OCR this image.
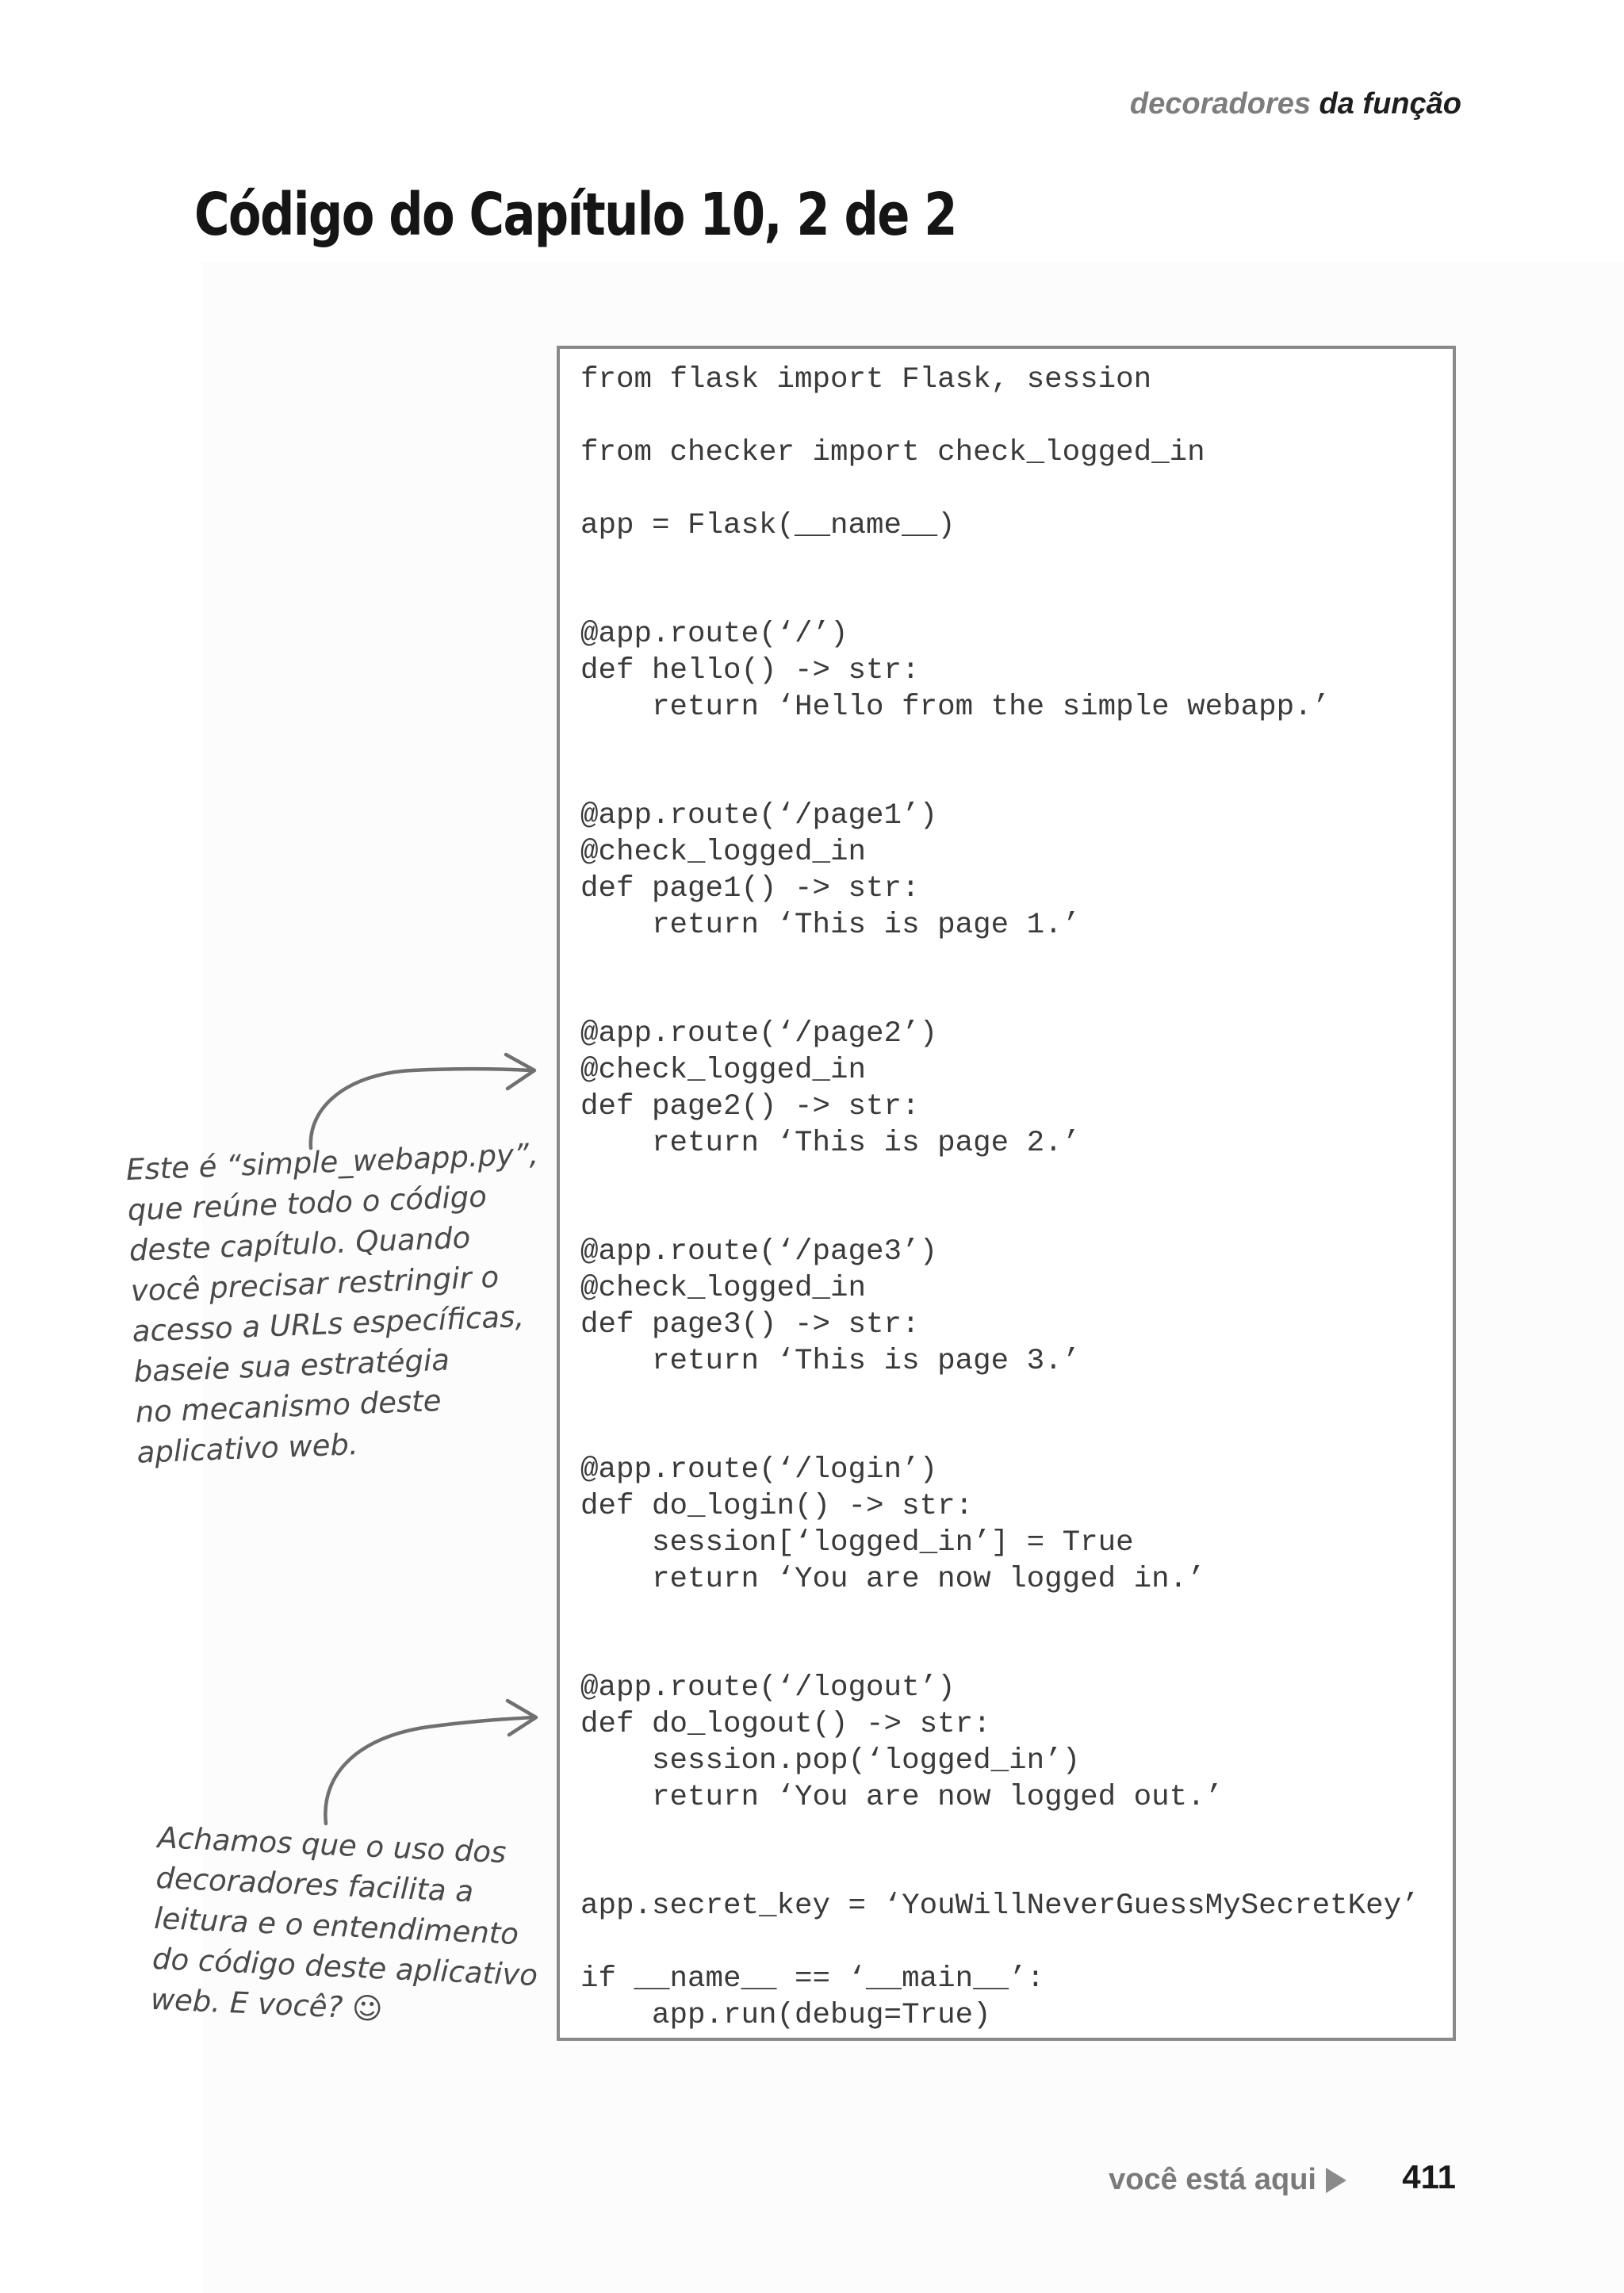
decoradores da função
Código do Capítulo 10, 2 de 2
from flask import Flask, session
from checker import check_logged_in
app = Flask(__name__)
@app.route(‘/’)
def hello() -> str:
return ‘Hello from the simple webapp.’
@app.route(‘/page1’)
@check_logged_in
def page1() -> str:
return ‘This is page 1.’
@app.route(‘/page2’)
@check_logged_in
def page2() -> str:
return ‘This is page 2.’
@app.route(‘/page3’)
@check_logged_in
def page3() -> str:
return ‘This is page 3.’
@app.route(‘/login’)
def do_login() -> str:
session[‘logged_in’] = True
return ‘You are now logged in.’
@app.route(‘/logout’)
def do_logout() -> str:
session.pop(‘logged_in’)
return ‘You are now logged out.’
app.secret_key = ‘YouWillNeverGuessMySecretKey’
if __name__ == ‘__main__’:
app.run(debug=True)
Este é “simple_webapp.py”,
que reúne todo o código
deste capítulo. Quando
você precisar restringir o
acesso a URLs específicas,
baseie sua estratégia
no mecanismo deste
aplicativo web.
Achamos que o uso dos
decoradores facilita a
leitura e o entendimento
do código deste aplicativo
web. E você? ☺
você está aqui	411
